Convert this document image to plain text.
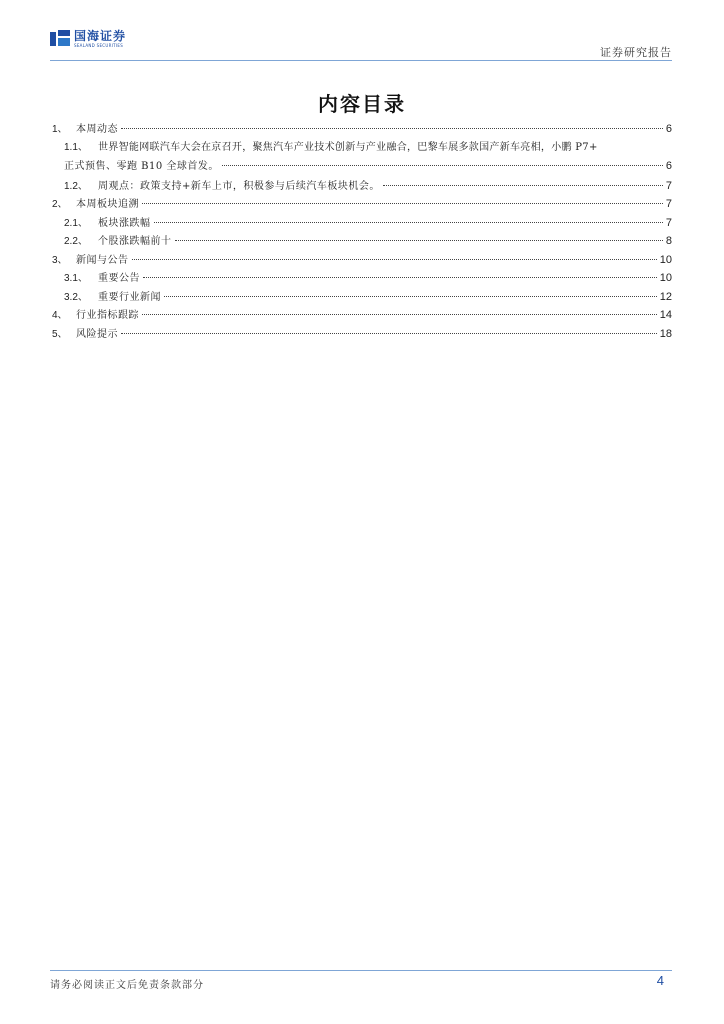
国海证券
SEALAND SECURITIES
证券研究报告
内容目录
1、 本周动态	6
1.1、	世界智能网联汽车大会在京召开，聚焦汽车产业技术创新与产业融合，巴黎车展多款国产新车亮相，小鹏 P7+
正式预售、零跑 B10 全球首发。	6
1.2、	周观点：政策支持+新车上市，积极参与后续汽车板块机会。	7
2、 本周板块追溯	7
2.1、	板块涨跌幅	7
2.2、	个股涨跌幅前十	8
3、 新闻与公告	10
3.1、	重要公告	10
3.2、	重要行业新闻	12
4、 行业指标跟踪	14
5、 风险提示	18
请务必阅读正文后免责条款部分	4
